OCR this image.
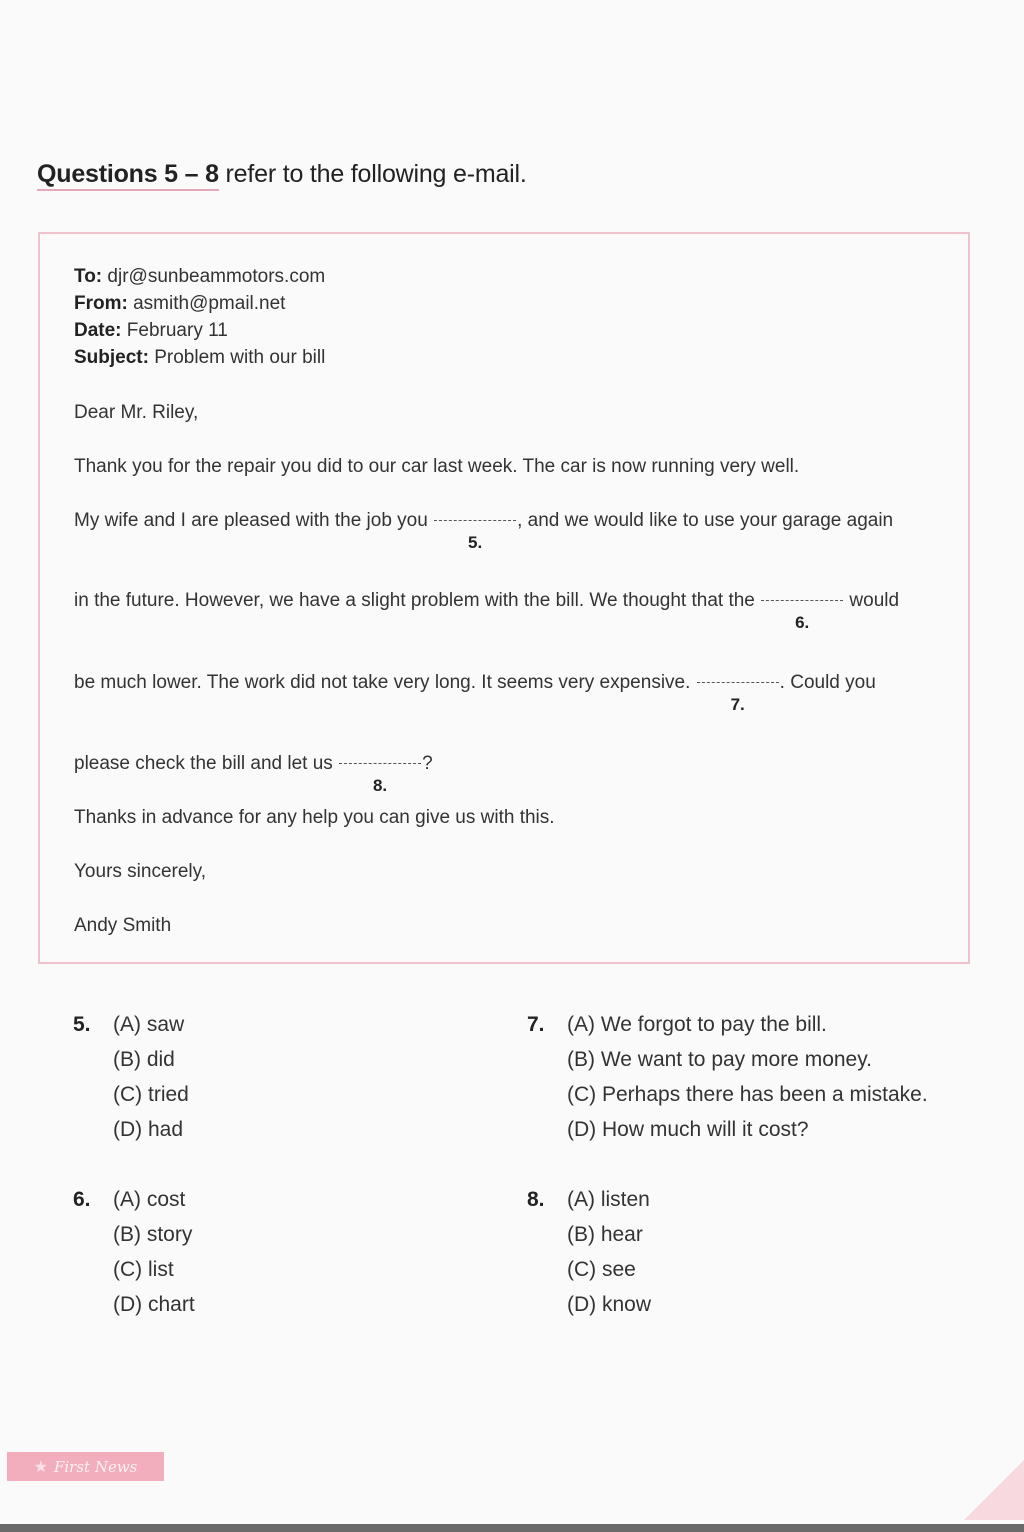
Questions 5 – 8 refer to the following e-mail.
To: djr@sunbeammotors.com
From: asmith@pmail.net
Date: February 11
Subject: Problem with our bill
Dear Mr. Riley,
Thank you for the repair you did to our car last week. The car is now running very well.
My wife and I are pleased with the job you
5.
, and we would like to use your garage again
in the future. However, we have a slight problem with the bill. We thought that the
6.
would
be much lower. The work did not take very long. It seems very expensive.
7.
. Could you
please check the bill and let us
8.
?
Thanks in advance for any help you can give us with this.
Yours sincerely,
Andy Smith
5. (A) saw
(B) did
(C) tried
(D) had
6. (A) cost
(B) story
(C) list
(D) chart
7. (A) We forgot to pay the bill.
(B) We want to pay more money.
(C) Perhaps there has been a mistake.
(D) How much will it cost?
8. (A) listen
(B) hear
(C) see
(D) know
★ First News
